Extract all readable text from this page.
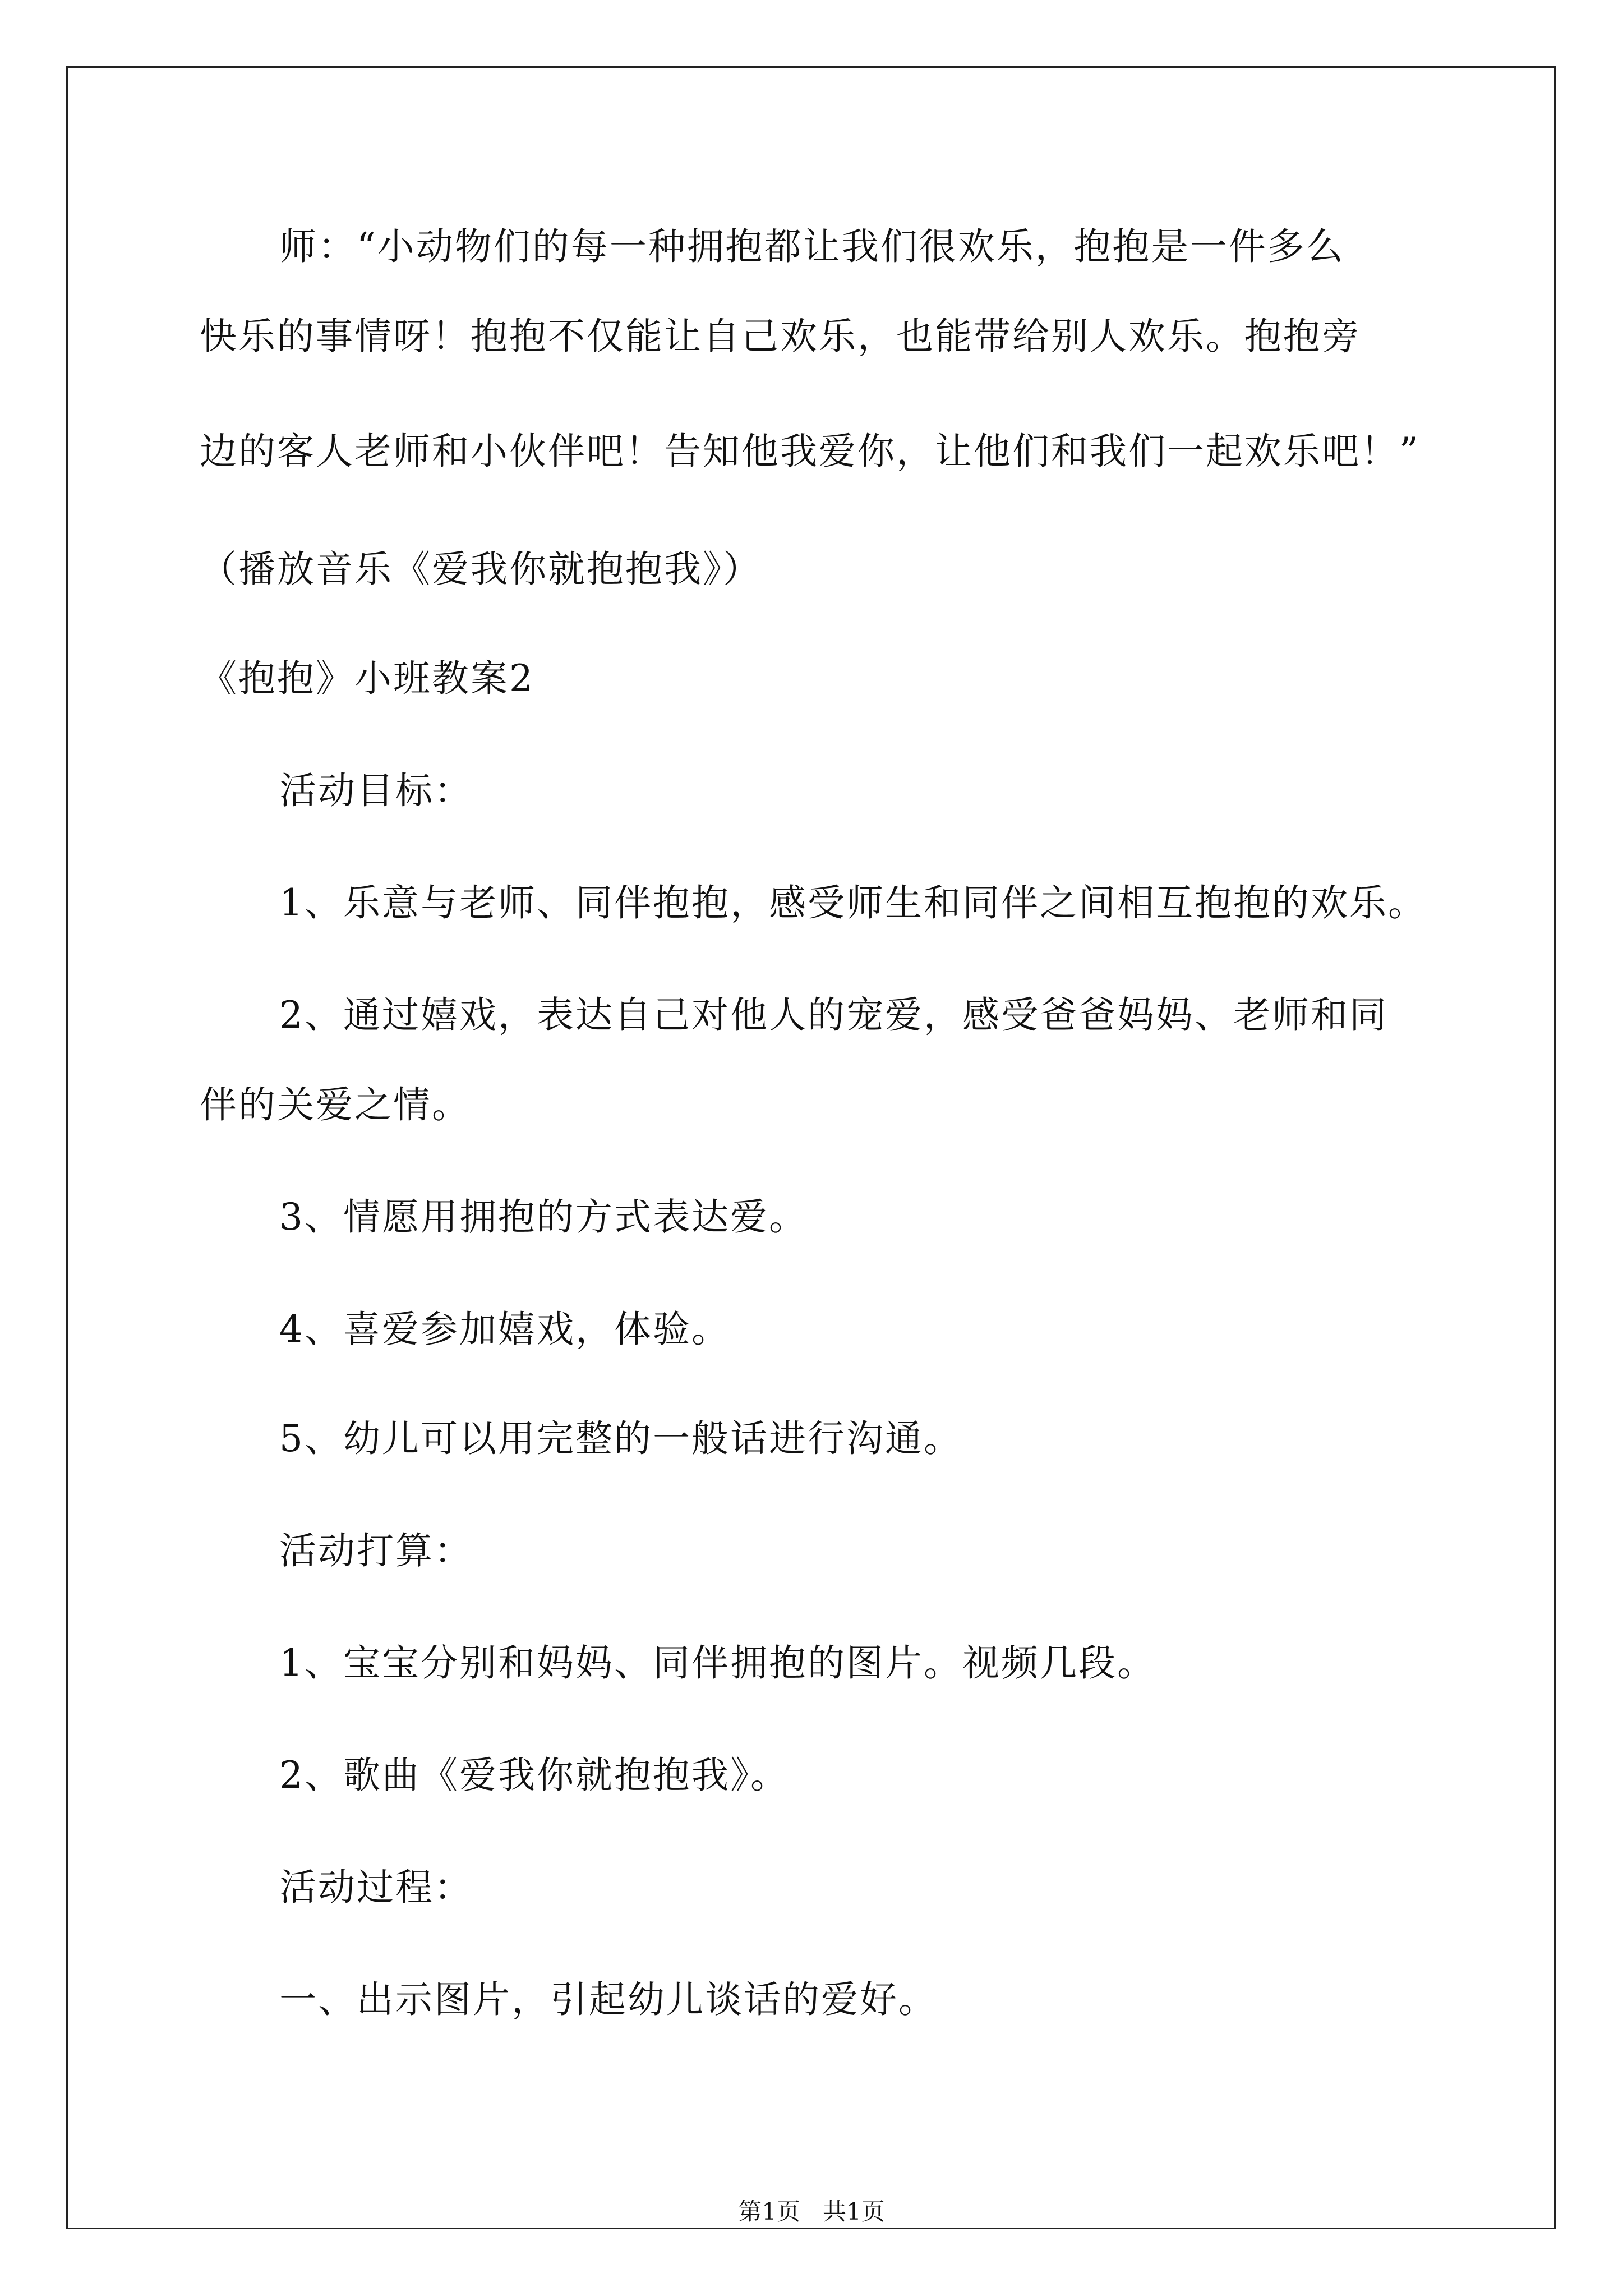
师：“小动物们的每一种拥抱都让我们很欢乐，抱抱是一件多么
快乐的事情呀！抱抱不仅能让自己欢乐，也能带给别人欢乐。抱抱旁
边的客人老师和小伙伴吧！告知他我爱你，让他们和我们一起欢乐吧！”
（播放音乐《爱我你就抱抱我》）
《抱抱》小班教案2
活动目标：
1、乐意与老师、同伴抱抱，感受师生和同伴之间相互抱抱的欢乐。
2、通过嬉戏，表达自己对他人的宠爱，感受爸爸妈妈、老师和同
伴的关爱之情。
3、情愿用拥抱的方式表达爱。
4、喜爱参加嬉戏，体验。
5、幼儿可以用完整的一般话进行沟通。
活动打算：
1、宝宝分别和妈妈、同伴拥抱的图片。视频几段。
2、歌曲《爱我你就抱抱我》。
活动过程：
一、出示图片，引起幼儿谈话的爱好。
第1页   共1页
